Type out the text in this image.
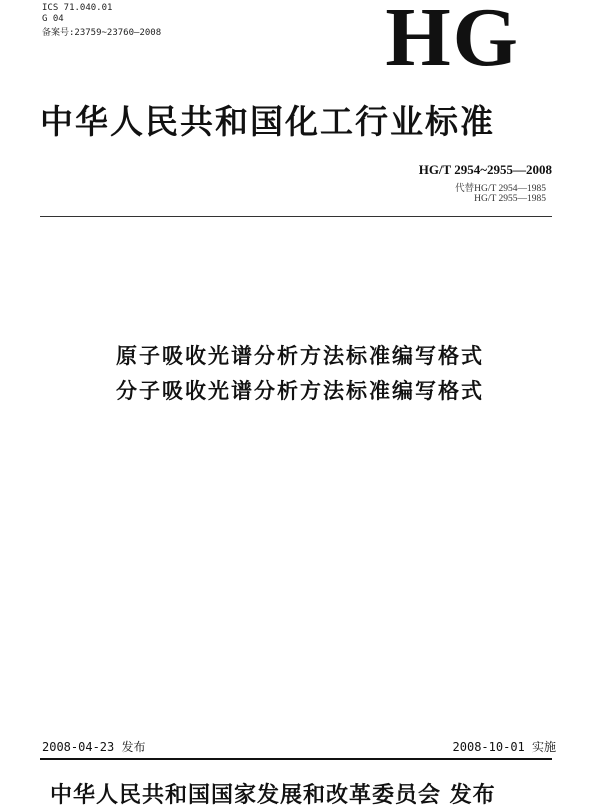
ICS 71.040.01
G 04
备案号:23759~23760—2008	HG
中华人民共和国化工行业标准
HG/T 2954~2955—2008
代替HG/T 2954—1985
HG/T 2955—1985
原子吸收光谱分析方法标准编写格式
分子吸收光谱分析方法标准编写格式
2008-04-23 发布	2008-10-01 实施
中华人民共和国国家发展和改革委员会 发布
